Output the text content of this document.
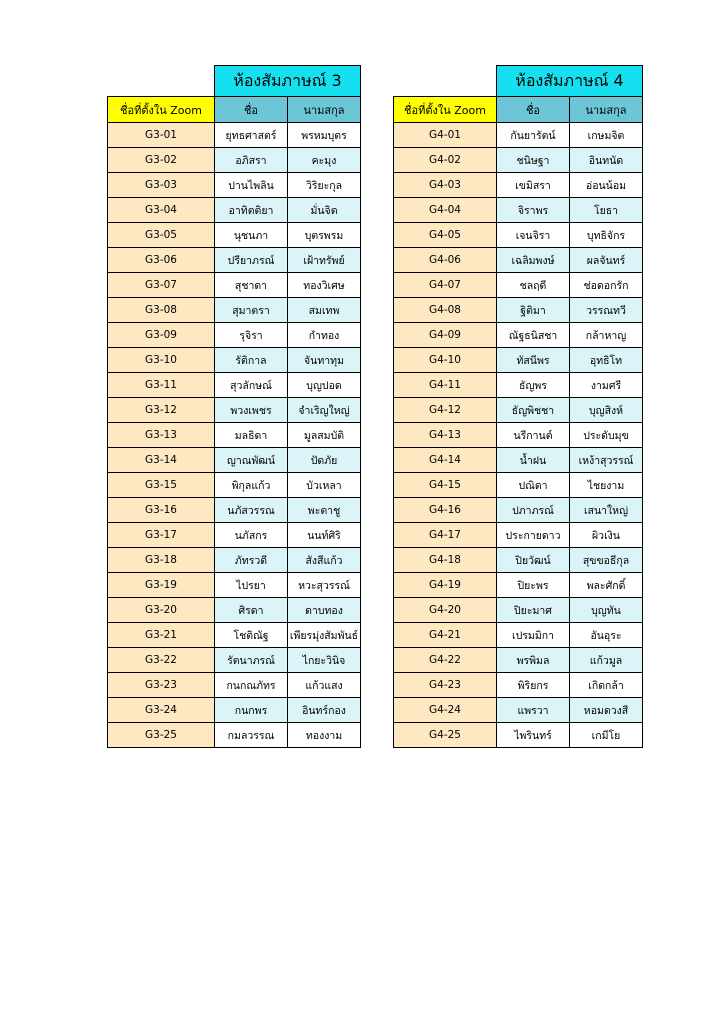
	ห้องสัมภาษณ์ 3	
ชื่อที่ตั้งใน Zoom	ชื่อ	นามสกุล
G3-01	ยุทธศาสตร์	พรหมบุตร
G3-02	อภิสรา	คะมุง
G3-03	ปานไพลิน	วิริยะกุล
G3-04	อาทิตติยา	มั่นจิต
G3-05	นุชนภา	บุตรพรม
G3-06	ปรียาภรณ์	เฝ้าทรัพย์
G3-07	สุชาดา	ทองวิเศษ
G3-08	สุมาตรา	สมเทพ
G3-09	รุจิรา	กำทอง
G3-10	รัติกาล	จันทาทุม
G3-11	สุวลักษณ์	บุญปอด
G3-12	พวงเพชร	จำเริญใหญ่
G3-13	มลธิดา	มูลสมบัติ
G3-14	ญาณพัฒน์	ปัดภัย
G3-15	พิกุลแก้ว	บัวเหลา
G3-16	นภัสวรรณ	พะตาชู
G3-17	นภัสกร	นนท์ศิริ
G3-18	ภัทรวดี	สังสีแก้ว
G3-19	ไปรยา	หวะสุวรรณ์
G3-20	ศิรดา	ดาบทอง
G3-21	โชติณัฐ	เพียรมุ่งสัมพันธ์
G3-22	รัตนาภรณ์	ไกยะวินิจ
G3-23	กนกณภัทร	แก้วแสง
G3-24	กนกพร	อินทร์กอง
G3-25	กมลวรรณ	ทองงาม
	ห้องสัมภาษณ์ 4	
ชื่อที่ตั้งใน Zoom	ชื่อ	นามสกุล
G4-01	กันยารัตน์	เกษมจิต
G4-02	ชนิษฐา	อินทนัด
G4-03	เขมิสรา	อ่อนน้อม
G4-04	จิราพร	โยธา
G4-05	เจนจิรา	บุทธิจักร
G4-06	เฉลิมพงษ์	ผลจันทร์
G4-07	ชลฤดี	ช่อดอกรัก
G4-08	ฐิติมา	วรรณทวี
G4-09	ณัฐธนิสชา	กล้าหาญ
G4-10	ทัสนีพร	อุทธิโท
G4-11	ธัญพร	งามศรี
G4-12	ธัญพิชชา	บุญสิงห์
G4-13	นรีกานต์	ประดับมุข
G4-14	น้ำฝน	เหง้าสุวรรณ์
G4-15	ปณิดา	ไชยงาม
G4-16	ปภาภรณ์	เสนาใหญ่
G4-17	ประกายดาว	ผิวเงิน
G4-18	ปิยวัฒน์	สุขขอธีกุล
G4-19	ปิยะพร	พละศักดิ์
G4-20	ปิยะมาศ	บุญทัน
G4-21	เปรมมิกา	อันอุระ
G4-22	พรพิมล	แก้วมูล
G4-23	พิริยกร	เกิดกล้า
G4-24	แพรวา	หอมดวงสี
G4-25	ไพรินทร์	เกมีโย
